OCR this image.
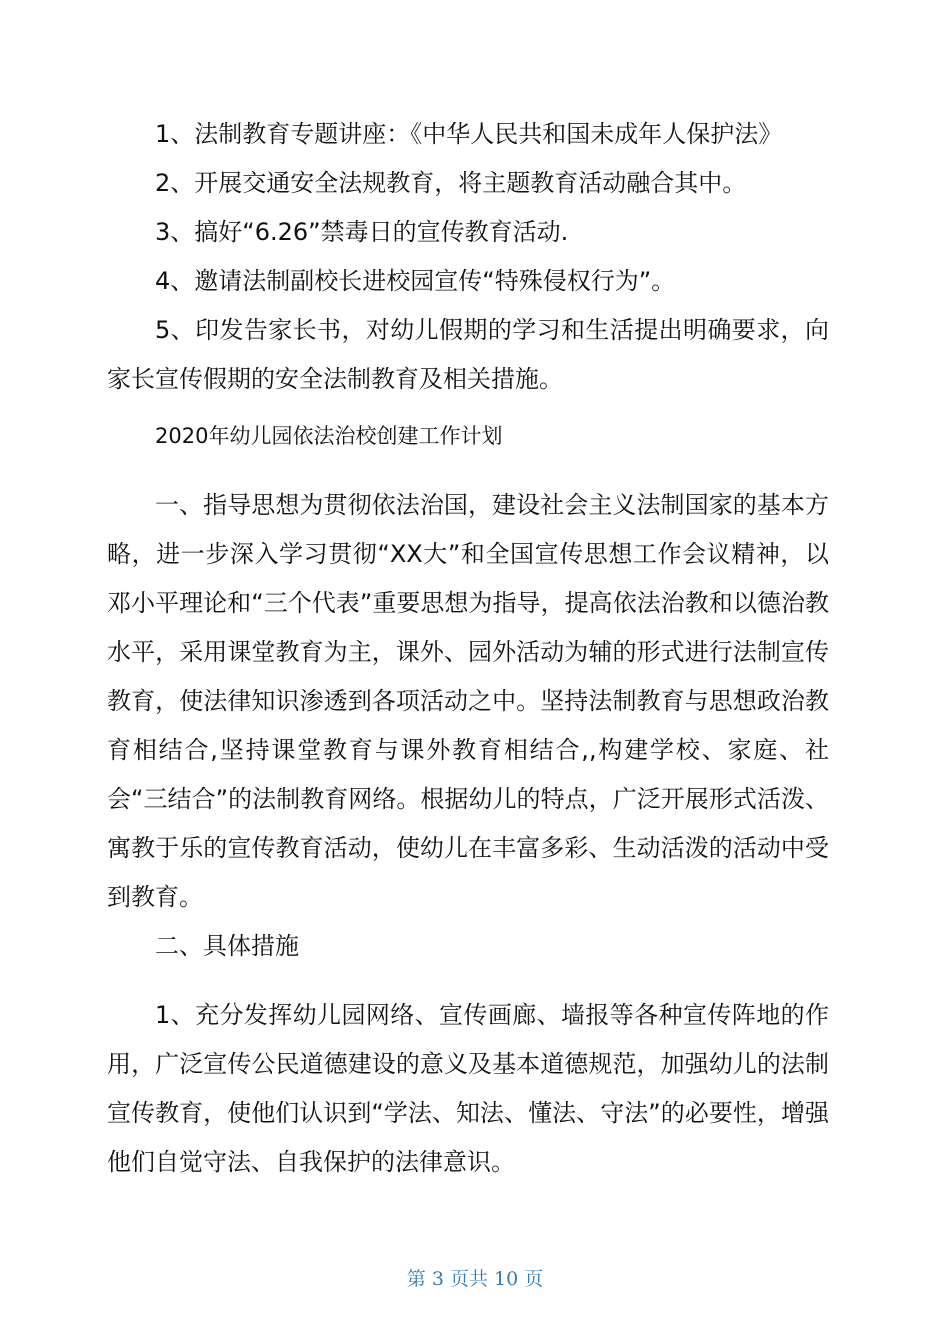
1、法制教育专题讲座：《中华人民共和国未成年人保护法》

2、开展交通安全法规教育，将主题教育活动融合其中。

3、搞好“6.26”禁毒日的宣传教育活动.

4、邀请法制副校长进校园宣传“特殊侵权行为”。

5、印发告家长书，对幼儿假期的学习和生活提出明确要求，向家长宣传假期的安全法制教育及相关措施。

2020年幼儿园依法治校创建工作计划

一、指导思想为贯彻依法治国，建设社会主义法制国家的基本方略，进一步深入学习贯彻“XX大”和全国宣传思想工作会议精神，以邓小平理论和“三个代表”重要思想为指导，提高依法治教和以德治教水平，采用课堂教育为主，课外、园外活动为辅的形式进行法制宣传教育，使法律知识渗透到各项活动之中。坚持法制教育与思想政治教育相结合,坚持课堂教育与课外教育相结合,,构建学校、家庭、社会“三结合”的法制教育网络。根据幼儿的特点，广泛开展形式活泼、寓教于乐的宣传教育活动，使幼儿在丰富多彩、生动活泼的活动中受到教育。

二、具体措施

1、充分发挥幼儿园网络、宣传画廊、墙报等各种宣传阵地的作用，广泛宣传公民道德建设的意义及基本道德规范，加强幼儿的法制宣传教育，使他们认识到“学法、知法、懂法、守法”的必要性，增强他们自觉守法、自我保护的法律意识。

第 3 页共 10 页
